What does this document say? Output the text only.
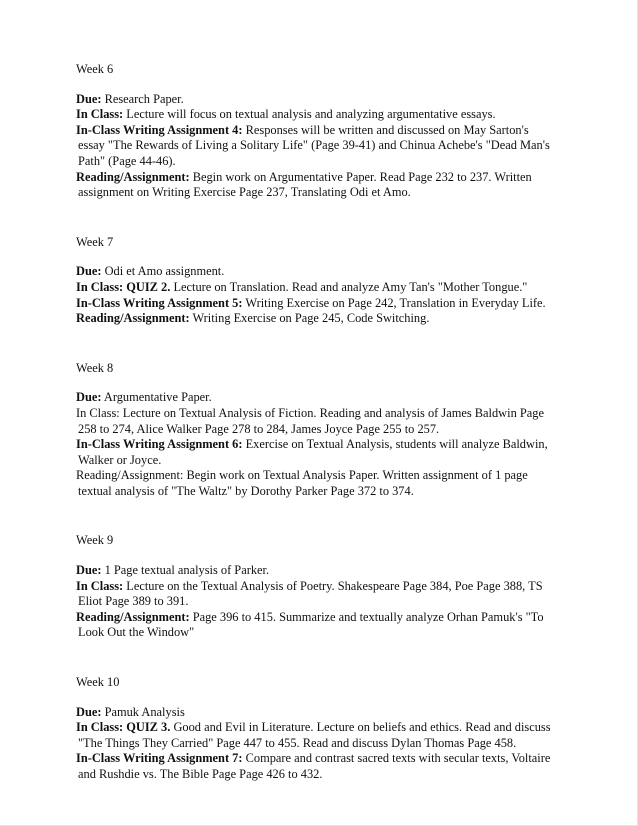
Week 6

Due: Research Paper.
In Class: Lecture will focus on textual analysis and analyzing argumentative essays.
In-Class Writing Assignment 4: Responses will be written and discussed on May Sarton's
essay "The Rewards of Living a Solitary Life" (Page 39-41) and Chinua Achebe's "Dead Man's
Path" (Page 44-46).
Reading/Assignment: Begin work on Argumentative Paper. Read Page 232 to 237. Written
assignment on Writing Exercise Page 237, Translating Odi et Amo.

Week 7

Due: Odi et Amo assignment.
In Class: QUIZ 2. Lecture on Translation. Read and analyze Amy Tan's "Mother Tongue."
In-Class Writing Assignment 5: Writing Exercise on Page 242, Translation in Everyday Life.
Reading/Assignment: Writing Exercise on Page 245, Code Switching.

Week 8

Due: Argumentative Paper.
In Class: Lecture on Textual Analysis of Fiction. Reading and analysis of James Baldwin Page
258 to 274, Alice Walker Page 278 to 284, James Joyce Page 255 to 257.
In-Class Writing Assignment 6: Exercise on Textual Analysis, students will analyze Baldwin,
Walker or Joyce.
Reading/Assignment: Begin work on Textual Analysis Paper. Written assignment of 1 page
textual analysis of "The Waltz" by Dorothy Parker Page 372 to 374.

Week 9

Due: 1 Page textual analysis of Parker.
In Class: Lecture on the Textual Analysis of Poetry. Shakespeare Page 384, Poe Page 388, TS
Eliot Page 389 to 391.
Reading/Assignment: Page 396 to 415. Summarize and textually analyze Orhan Pamuk's "To
Look Out the Window"

Week 10

Due: Pamuk Analysis
In Class: QUIZ 3. Good and Evil in Literature. Lecture on beliefs and ethics. Read and discuss
"The Things They Carried" Page 447 to 455. Read and discuss Dylan Thomas Page 458.
In-Class Writing Assignment 7: Compare and contrast sacred texts with secular texts, Voltaire
and Rushdie vs. The Bible Page Page 426 to 432.
